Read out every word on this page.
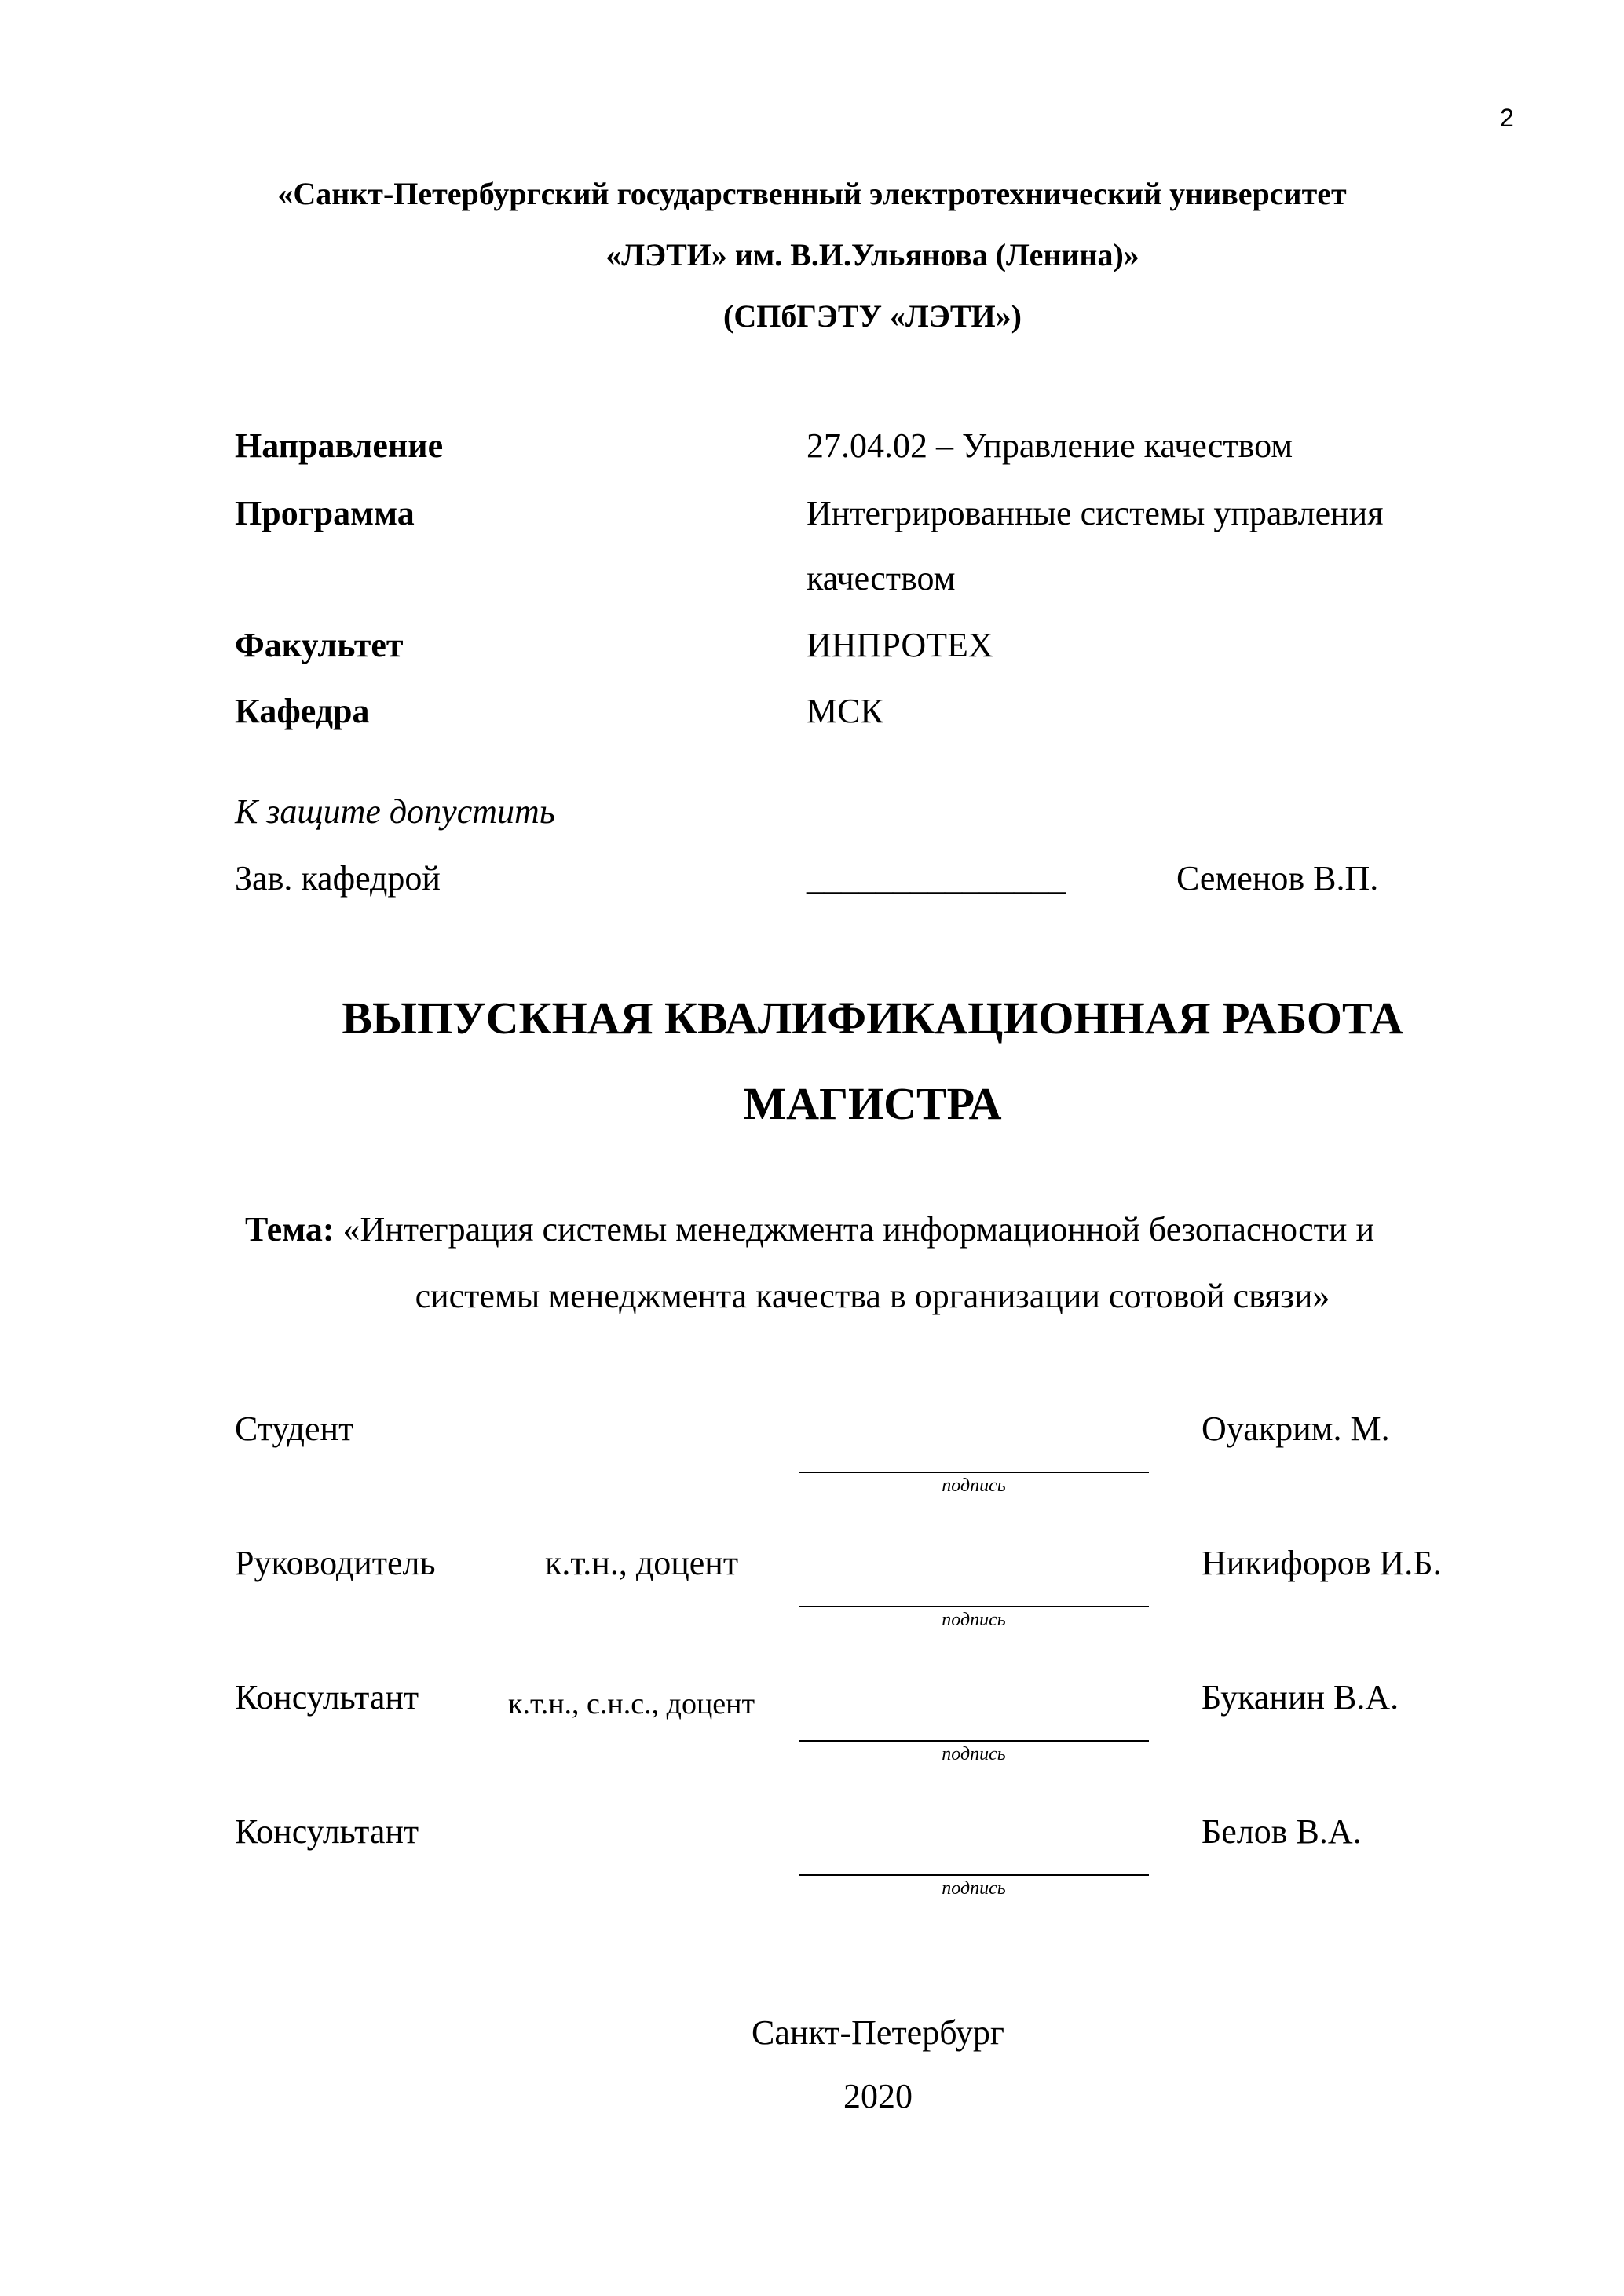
2
«Санкт-Петербургский государственный электротехнический университет
«ЛЭТИ» им. В.И.Ульянова (Ленина)»
(СПбГЭТУ «ЛЭТИ»)
Направление	27.04.02 – Управление качеством
Программа	Интегрированные системы управления
качеством
Факультет	ИНПРОТЕХ
Кафедра	МСК
К защите допустить
Зав. кафедрой	_______________	Семенов В.П.
ВЫПУСКНАЯ КВАЛИФИКАЦИОННАЯ РАБОТА
МАГИСТРА
Тема: «Интеграция системы менеджмента информационной безопасности и
системы менеджмента качества в организации сотовой связи»
Студент	Оуакрим. М.
подпись
Руководитель	к.т.н., доцент	Никифоров И.Б.
подпись
Консультант	к.т.н., с.н.с., доцент	Буканин В.А.
подпись
Консультант	Белов В.А.
подпись
Санкт-Петербург
2020
